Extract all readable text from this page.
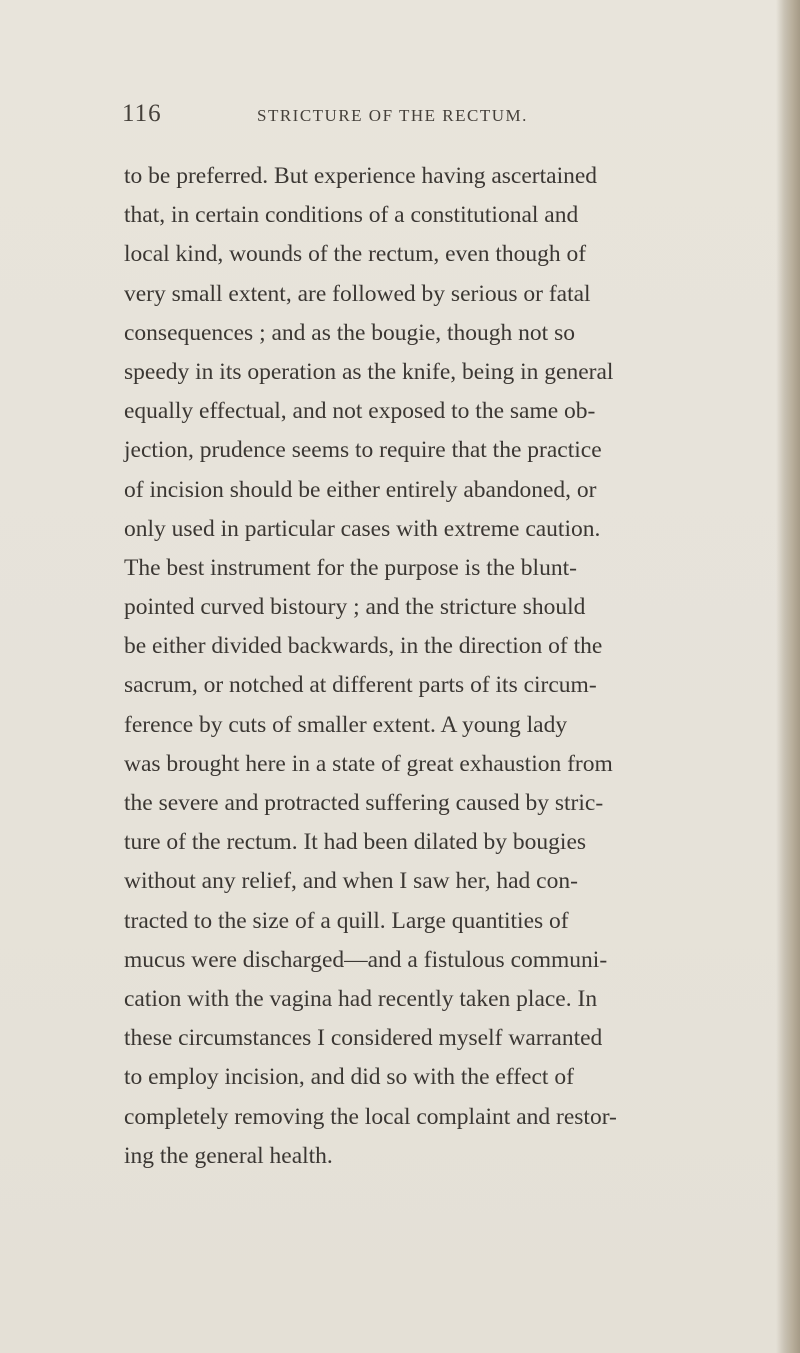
116	STRICTURE OF THE RECTUM.
to be preferred. But experience having ascertained
that, in certain conditions of a constitutional and
local kind, wounds of the rectum, even though of
very small extent, are followed by serious or fatal
consequences ; and as the bougie, though not so
speedy in its operation as the knife, being in general
equally effectual, and not exposed to the same ob-
jection, prudence seems to require that the practice
of incision should be either entirely abandoned, or
only used in particular cases with extreme caution.
The best instrument for the purpose is the blunt-
pointed curved bistoury ; and the stricture should
be either divided backwards, in the direction of the
sacrum, or notched at different parts of its circum-
ference by cuts of smaller extent. A young lady
was brought here in a state of great exhaustion from
the severe and protracted suffering caused by stric-
ture of the rectum. It had been dilated by bougies
without any relief, and when I saw her, had con-
tracted to the size of a quill. Large quantities of
mucus were discharged—and a fistulous communi-
cation with the vagina had recently taken place. In
these circumstances I considered myself warranted
to employ incision, and did so with the effect of
completely removing the local complaint and restor-
ing the general health.
